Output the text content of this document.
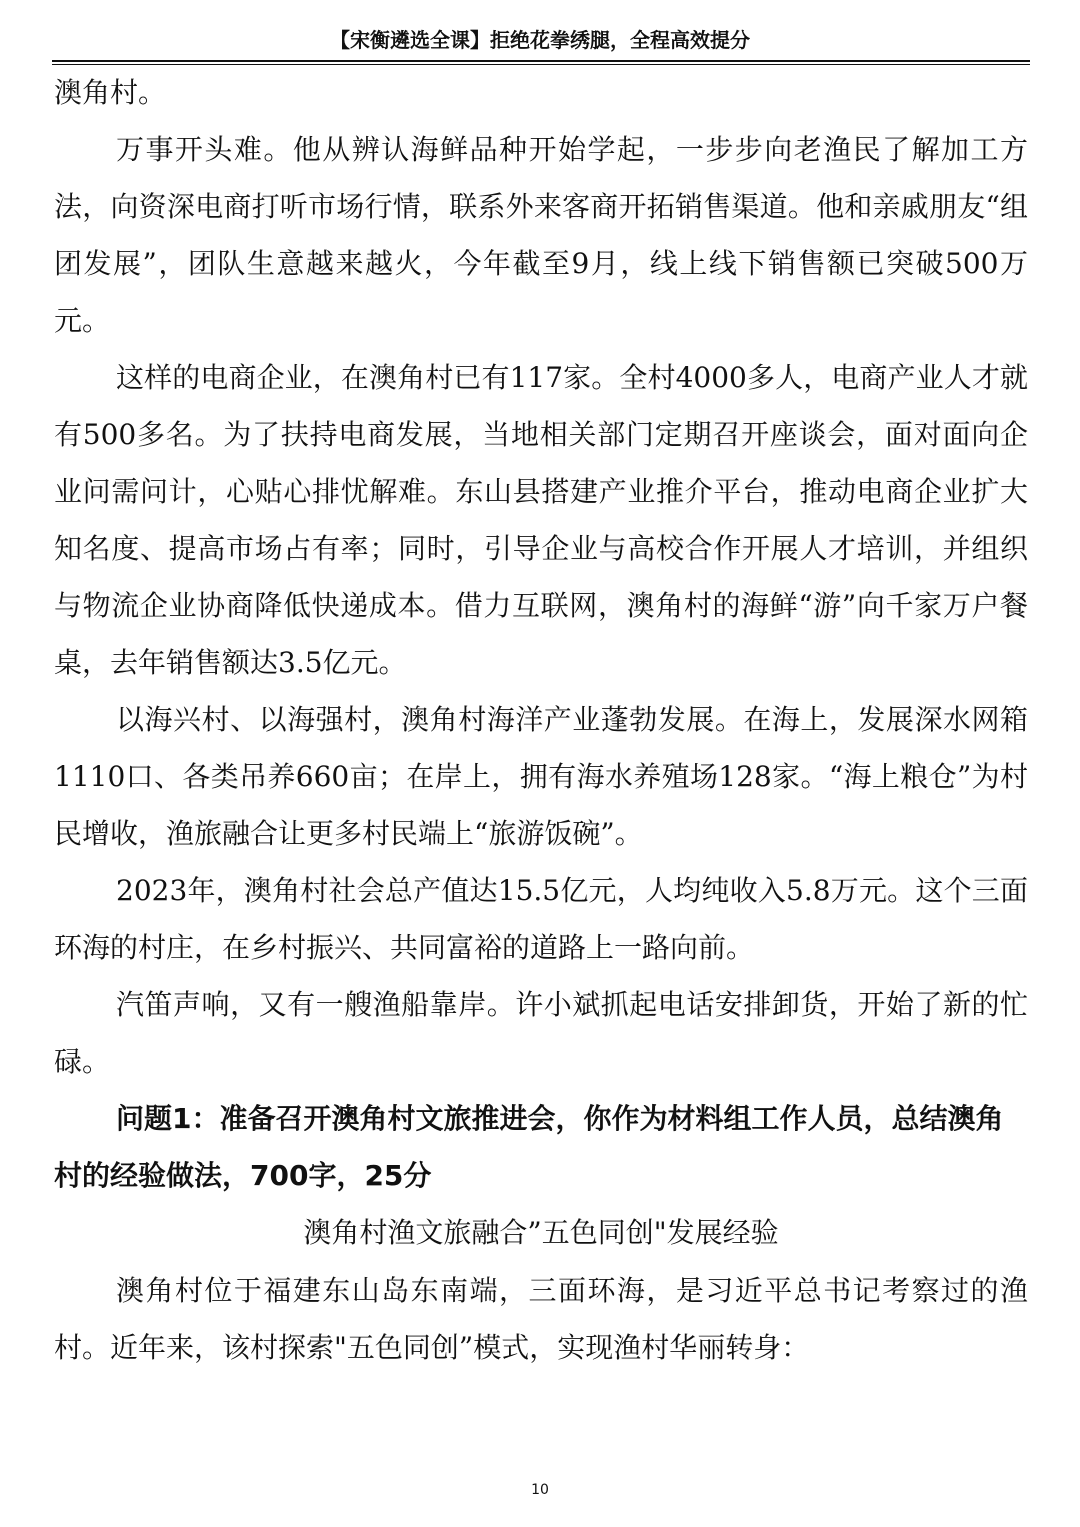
【宋衡遴选全课】拒绝花拳绣腿，全程高效提分

澳角村。

万事开头难。他从辨认海鲜品种开始学起，一步步向老渔民了解加工方法，向资深电商打听市场行情，联系外来客商开拓销售渠道。他和亲戚朋友“组团发展”，团队生意越来越火，今年截至9月，线上线下销售额已突破500万元。

这样的电商企业，在澳角村已有117家。全村4000多人，电商产业人才就有500多名。为了扶持电商发展，当地相关部门定期召开座谈会，面对面向企业问需问计，心贴心排忧解难。东山县搭建产业推介平台，推动电商企业扩大知名度、提高市场占有率；同时，引导企业与高校合作开展人才培训，并组织与物流企业协商降低快递成本。借力互联网，澳角村的海鲜“游”向千家万户餐桌，去年销售额达3.5亿元。

以海兴村、以海强村，澳角村海洋产业蓬勃发展。在海上，发展深水网箱1110口、各类吊养660亩；在岸上，拥有海水养殖场128家。“海上粮仓”为村民增收，渔旅融合让更多村民端上“旅游饭碗”。

2023年，澳角村社会总产值达15.5亿元，人均纯收入5.8万元。这个三面环海的村庄，在乡村振兴、共同富裕的道路上一路向前。

汽笛声响，又有一艘渔船靠岸。许小斌抓起电话安排卸货，开始了新的忙碌。

问题1：准备召开澳角村文旅推进会，你作为材料组工作人员，总结澳角村的经验做法，700字，25分

澳角村渔文旅融合”五色同创"发展经验

澳角村位于福建东山岛东南端，三面环海，是习近平总书记考察过的渔村。近年来，该村探索"五色同创”模式，实现渔村华丽转身：

10
